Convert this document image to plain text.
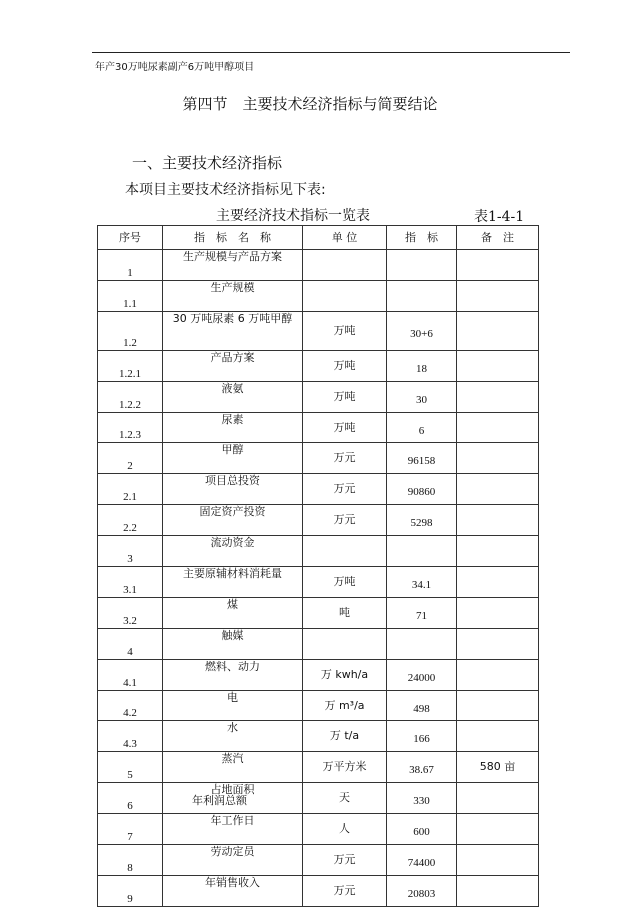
年产30万吨尿素副产6万吨甲醇项目
第四节　主要技术经济指标与简要结论
一、主要技术经济指标
本项目主要技术经济指标见下表:
主要经济技术指标一览表	表1-4-1
序号	指　标　名　称	单 位	指　标	备　注
1	生产规模与产品方案			
1.1	生产规模			
1.2	30 万吨尿素 6 万吨甲醇	万吨	30+6	
1.2.1	产品方案	万吨	18	
1.2.2	液氨	万吨	30	
1.2.3	尿素	万吨	6	
2	甲醇	万元	96158	
2.1	项目总投资	万元	90860	
2.2	固定资产投资	万元	5298	
3	流动资金			
3.1	主要原辅材料消耗量	万吨	34.1	
3.2	煤	吨	71	
4	触媒			
4.1	燃料、动力	万 kwh/a	24000	
4.2	电	万 m³/a	498	
4.3	水	万 t/a	166	
5	蒸汽	万平方米	38.67	580 亩
6	占地面积	天	330	
7	年工作日	人	600	
8	劳动定员	万元	74400	
9	年销售收入	万元	20803	
年利润总额
